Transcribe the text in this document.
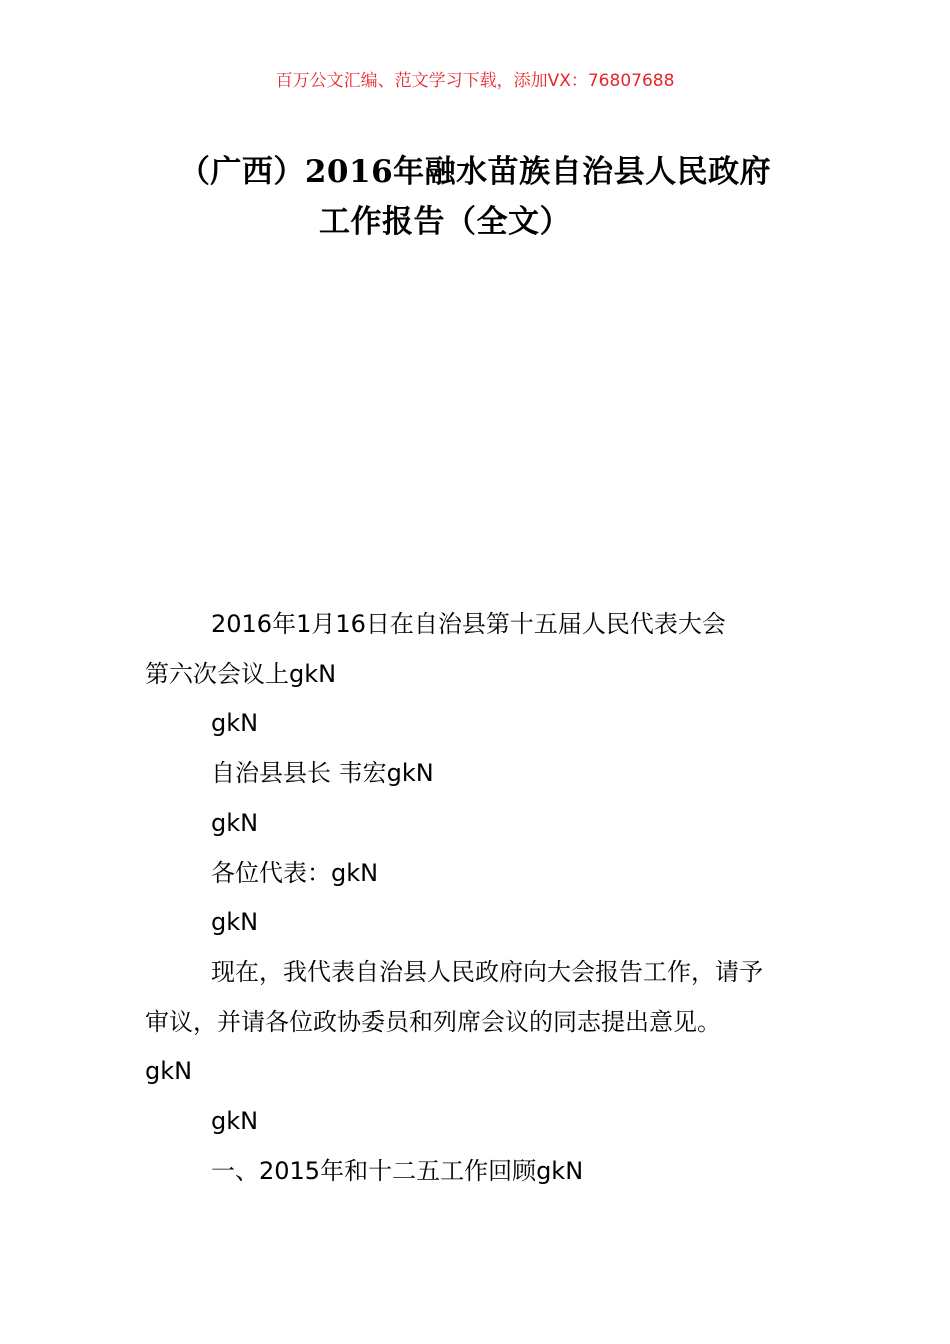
百万公文汇编、范文学习下载，添加VX：76807688
（广西）2016年融水苗族自治县人民政府
工作报告（全文）
2016年1月16日在自治县第十五届人民代表大会
第六次会议上gkN
gkN
自治县县长 韦宏gkN
gkN
各位代表：gkN
gkN
现在，我代表自治县人民政府向大会报告工作，请予
审议，并请各位政协委员和列席会议的同志提出意见。
gkN
gkN
一、2015年和十二五工作回顾gkN
